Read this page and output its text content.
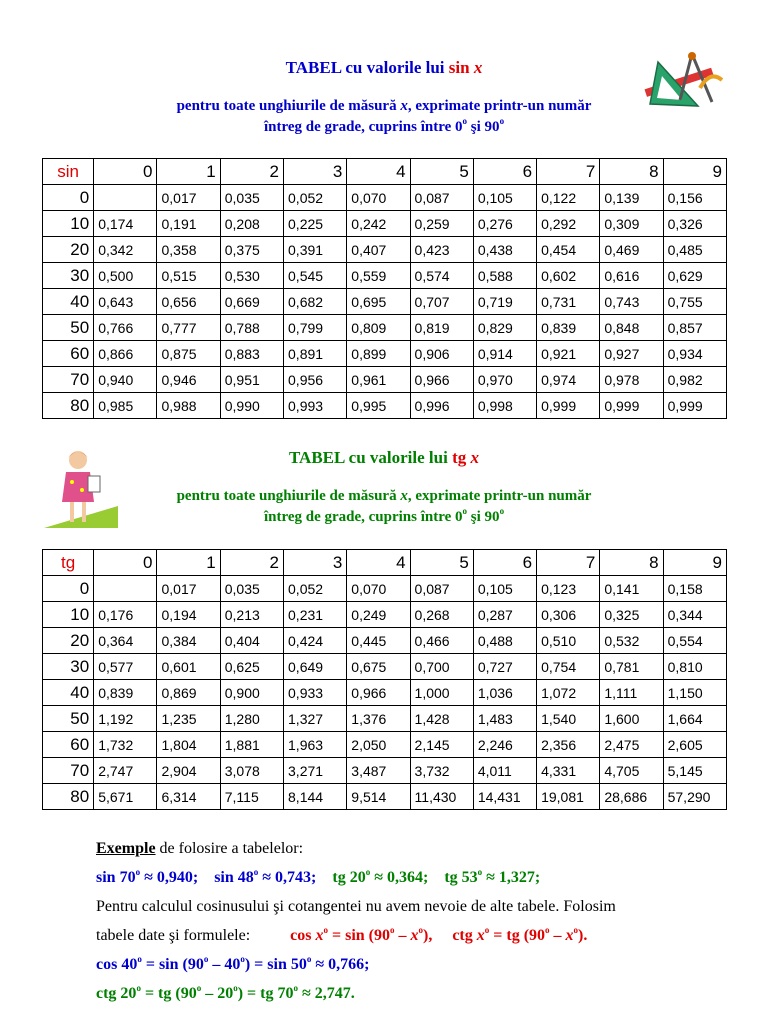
TABEL cu valorile lui sin x
pentru toate unghiurile de măsură x, exprimate printr-un număr
întreg de grade, cuprins între 0$^o$ şi 90$^o$
sin	0	1	2	3	4	5	6	7	8	9
0		0,017	0,035	0,052	0,070	0,087	0,105	0,122	0,139	0,156
10	0,174	0,191	0,208	0,225	0,242	0,259	0,276	0,292	0,309	0,326
20	0,342	0,358	0,375	0,391	0,407	0,423	0,438	0,454	0,469	0,485
30	0,500	0,515	0,530	0,545	0,559	0,574	0,588	0,602	0,616	0,629
40	0,643	0,656	0,669	0,682	0,695	0,707	0,719	0,731	0,743	0,755
50	0,766	0,777	0,788	0,799	0,809	0,819	0,829	0,839	0,848	0,857
60	0,866	0,875	0,883	0,891	0,899	0,906	0,914	0,921	0,927	0,934
70	0,940	0,946	0,951	0,956	0,961	0,966	0,970	0,974	0,978	0,982
80	0,985	0,988	0,990	0,993	0,995	0,996	0,998	0,999	0,999	0,999
TABEL cu valorile lui tg x
pentru toate unghiurile de măsură x, exprimate printr-un număr
întreg de grade, cuprins între 0$^o$ şi 90$^o$
tg	0	1	2	3	4	5	6	7	8	9
0		0,017	0,035	0,052	0,070	0,087	0,105	0,123	0,141	0,158
10	0,176	0,194	0,213	0,231	0,249	0,268	0,287	0,306	0,325	0,344
20	0,364	0,384	0,404	0,424	0,445	0,466	0,488	0,510	0,532	0,554
30	0,577	0,601	0,625	0,649	0,675	0,700	0,727	0,754	0,781	0,810
40	0,839	0,869	0,900	0,933	0,966	1,000	1,036	1,072	1,111	1,150
50	1,192	1,235	1,280	1,327	1,376	1,428	1,483	1,540	1,600	1,664
60	1,732	1,804	1,881	1,963	2,050	2,145	2,246	2,356	2,475	2,605
70	2,747	2,904	3,078	3,271	3,487	3,732	4,011	4,331	4,705	5,145
80	5,671	6,314	7,115	8,144	9,514	11,430	14,431	19,081	28,686	57,290
Exemple de folosire a tabelelor:
$\sin 70^o \approx 0,940$;    $\sin 48^o \approx 0,743$;    tg $20^o \approx 0,364$;    tg $53^o \approx 1,327$;
Pentru calculul cosinusului şi cotangentei nu avem nevoie de alte tabele. Folosim
tabele date şi formulele:	$\cos x^o = \sin (90^o - x^o)$,     ctg $x^o$ = tg $(90^o - x^o)$.
$\cos 40^o = \sin (90^o - 40^o) = \sin 50^o \approx 0,766$;
ctg $20^o$ = tg $(90^o - 20^o)$ = tg $70^o \approx 2,747$.
